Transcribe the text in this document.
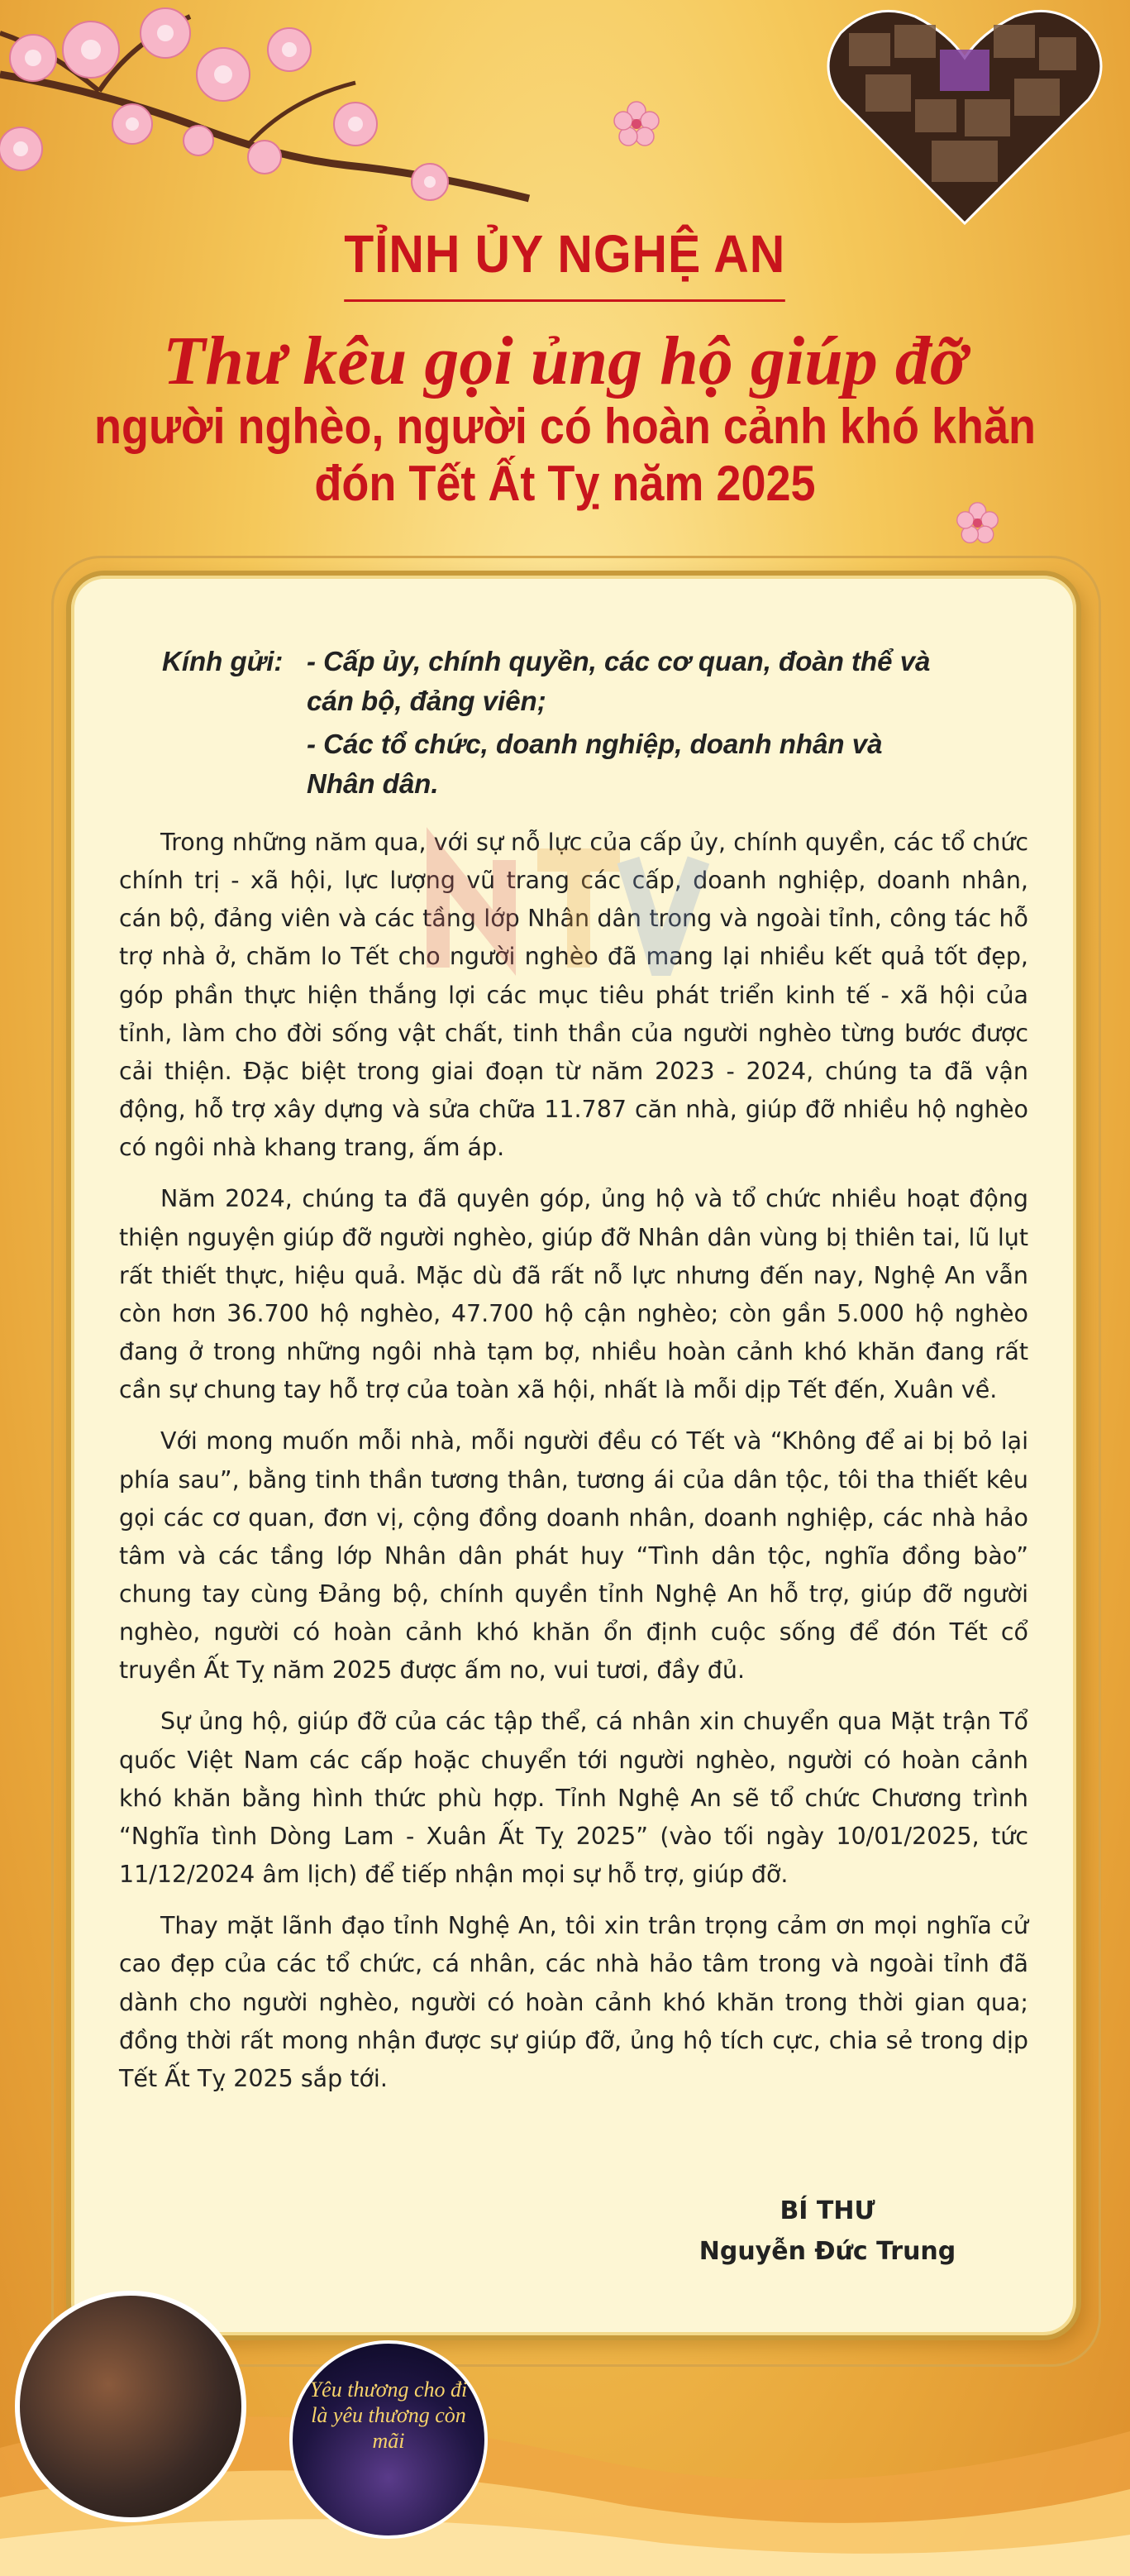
TỈNH ỦY NGHỆ AN
Thư kêu gọi ủng hộ giúp đỡ
người nghèo, người có hoàn cảnh khó khăn
đón Tết Ất Tỵ năm 2025
Kính gửi: - Cấp ủy, chính quyền, các cơ quan, đoàn thể và cán bộ, đảng viên;
- Các tổ chức, doanh nghiệp, doanh nhân và Nhân dân.

Trong những năm qua, với sự nỗ lực của cấp ủy, chính quyền, các tổ chức chính trị - xã hội, lực lượng vũ trang các cấp, doanh nghiệp, doanh nhân, cán bộ, đảng viên và các tầng lớp Nhân dân trong và ngoài tỉnh, công tác hỗ trợ nhà ở, chăm lo Tết cho người nghèo đã mang lại nhiều kết quả tốt đẹp, góp phần thực hiện thắng lợi các mục tiêu phát triển kinh tế - xã hội của tỉnh, làm cho đời sống vật chất, tinh thần của người nghèo từng bước được cải thiện. Đặc biệt trong giai đoạn từ năm 2023 - 2024, chúng ta đã vận động, hỗ trợ xây dựng và sửa chữa 11.787 căn nhà, giúp đỡ nhiều hộ nghèo có ngôi nhà khang trang, ấm áp.

Năm 2024, chúng ta đã quyên góp, ủng hộ và tổ chức nhiều hoạt động thiện nguyện giúp đỡ người nghèo, giúp đỡ Nhân dân vùng bị thiên tai, lũ lụt rất thiết thực, hiệu quả. Mặc dù đã rất nỗ lực nhưng đến nay, Nghệ An vẫn còn hơn 36.700 hộ nghèo, 47.700 hộ cận nghèo; còn gần 5.000 hộ nghèo đang ở trong những ngôi nhà tạm bợ, nhiều hoàn cảnh khó khăn đang rất cần sự chung tay hỗ trợ của toàn xã hội, nhất là mỗi dịp Tết đến, Xuân về.

Với mong muốn mỗi nhà, mỗi người đều có Tết và “Không để ai bị bỏ lại phía sau”, bằng tinh thần tương thân, tương ái của dân tộc, tôi tha thiết kêu gọi các cơ quan, đơn vị, cộng đồng doanh nhân, doanh nghiệp, các nhà hảo tâm và các tầng lớp Nhân dân phát huy “Tình dân tộc, nghĩa đồng bào” chung tay cùng Đảng bộ, chính quyền tỉnh Nghệ An hỗ trợ, giúp đỡ người nghèo, người có hoàn cảnh khó khăn ổn định cuộc sống để đón Tết cổ truyền Ất Tỵ năm 2025 được ấm no, vui tươi, đầy đủ.

Sự ủng hộ, giúp đỡ của các tập thể, cá nhân xin chuyển qua Mặt trận Tổ quốc Việt Nam các cấp hoặc chuyển tới người nghèo, người có hoàn cảnh khó khăn bằng hình thức phù hợp. Tỉnh Nghệ An sẽ tổ chức Chương trình “Nghĩa tình Dòng Lam - Xuân Ất Tỵ 2025” (vào tối ngày 10/01/2025, tức 11/12/2024 âm lịch) để tiếp nhận mọi sự hỗ trợ, giúp đỡ.

Thay mặt lãnh đạo tỉnh Nghệ An, tôi xin trân trọng cảm ơn mọi nghĩa cử cao đẹp của các tổ chức, cá nhân, các nhà hảo tâm trong và ngoài tỉnh đã dành cho người nghèo, người có hoàn cảnh khó khăn trong thời gian qua; đồng thời rất mong nhận được sự giúp đỡ, ủng hộ tích cực, chia sẻ trong dịp Tết Ất Tỵ 2025 sắp tới.

BÍ THƯ
Nguyễn Đức Trung
Yêu thương cho đi
là yêu thương còn mãi
